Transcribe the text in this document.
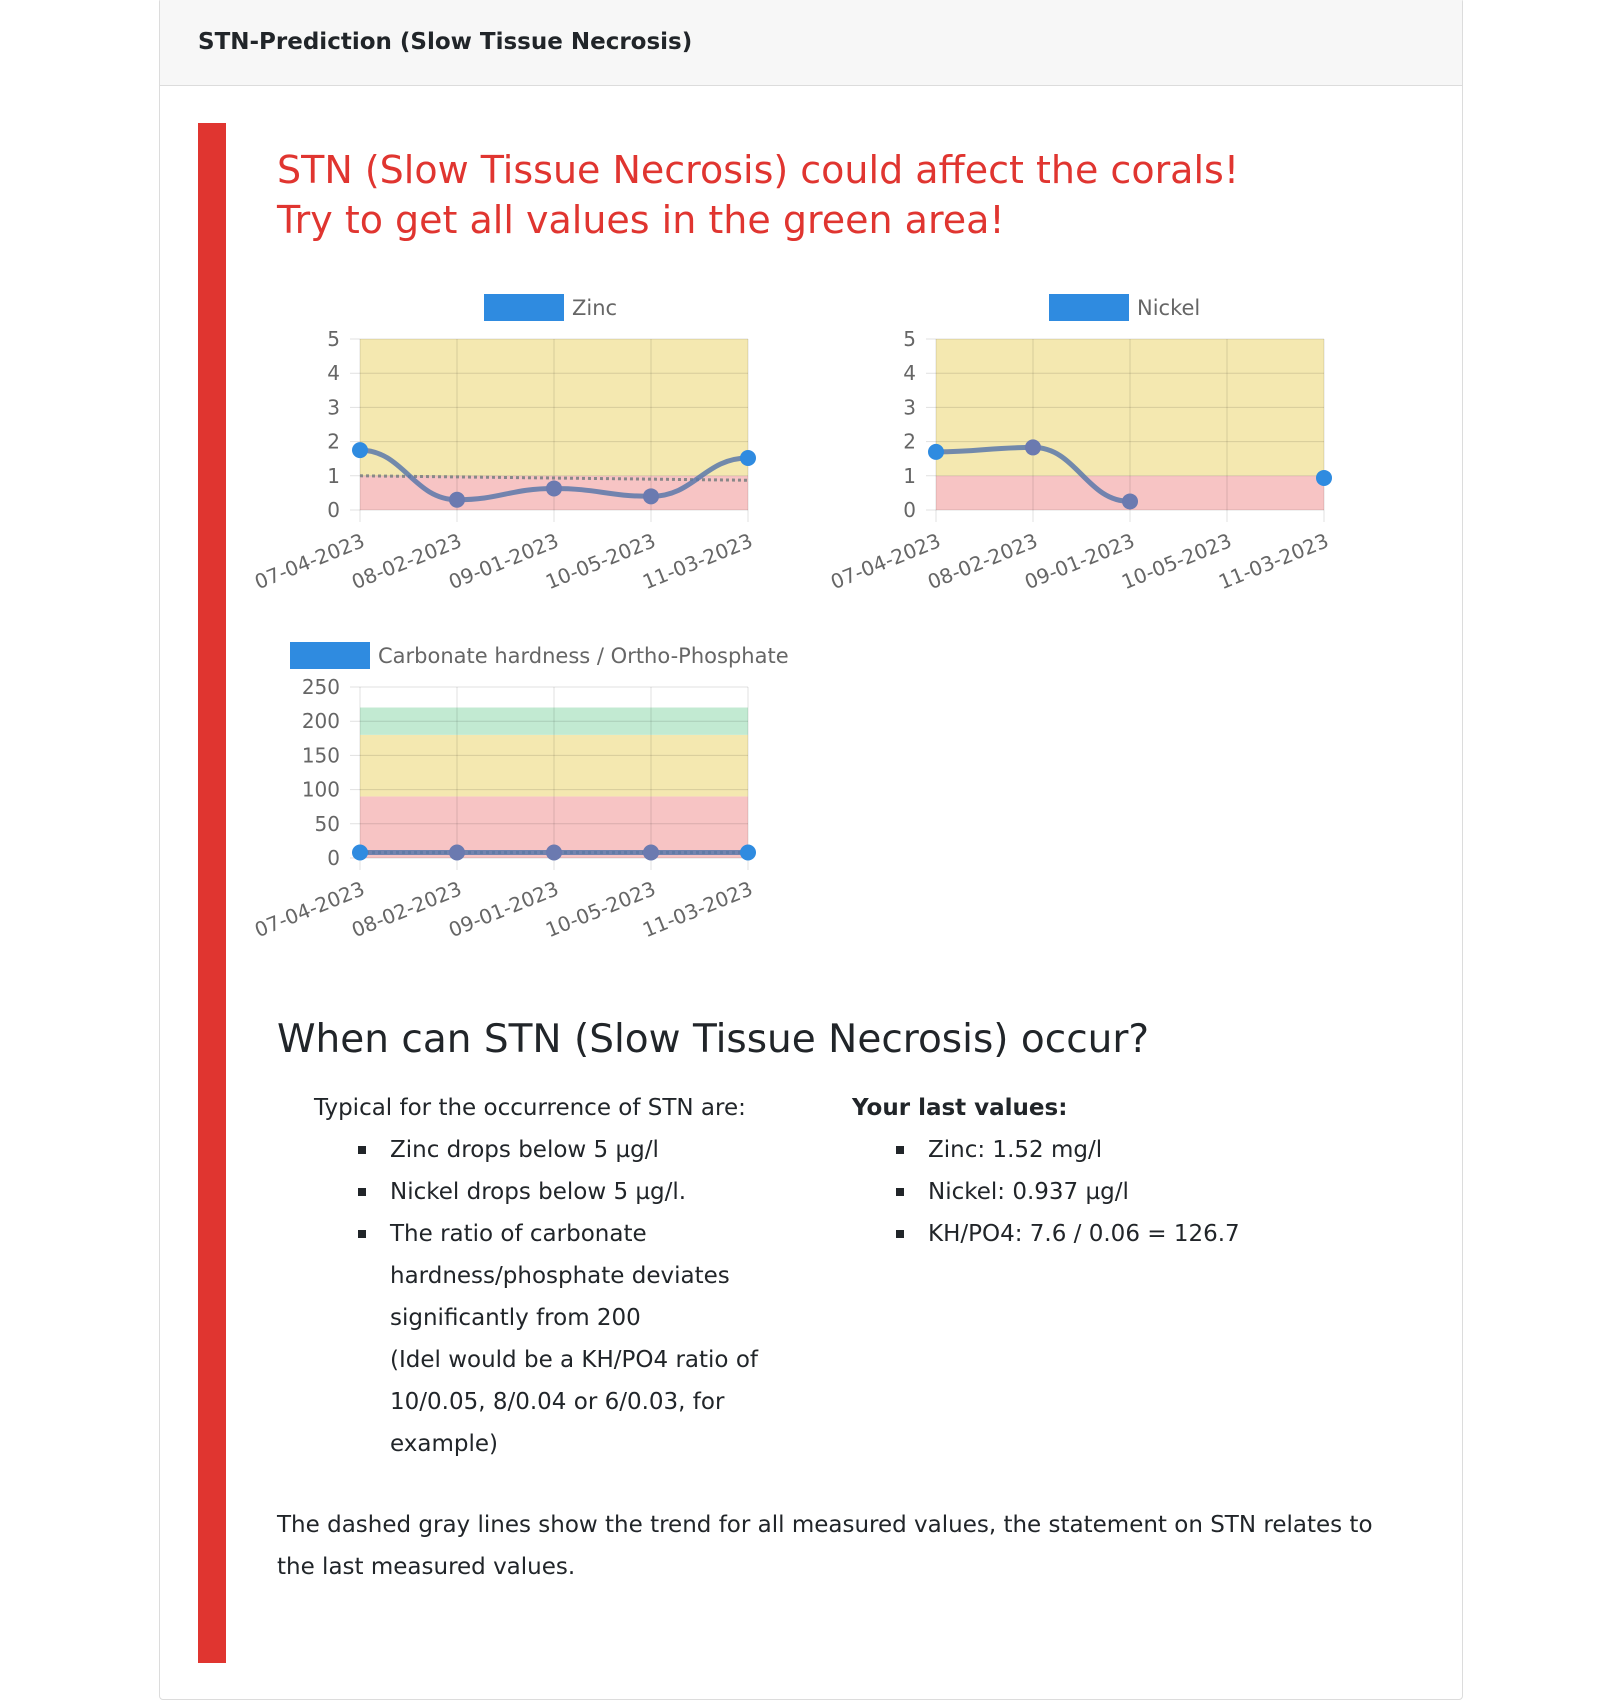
STN-Prediction (Slow Tissue Necrosis)
STN (Slow Tissue Necrosis) could affect the corals!
Try to get all values in the green area!
Zinc
0
1
2
3
4
5
07-04-2023
08-02-2023
09-01-2023
10-05-2023
11-03-2023
Nickel
0
1
2
3
4
5
07-04-2023
08-02-2023
09-01-2023
10-05-2023
11-03-2023
Carbonate hardness / Ortho-Phosphate
0
50
100
150
200
250
07-04-2023
08-02-2023
09-01-2023
10-05-2023
11-03-2023
When can STN (Slow Tissue Necrosis) occur?
Typical for the occurrence of STN are:
Zinc drops below 5 µg/l
Nickel drops below 5 µg/l.
The ratio of carbonate hardness/phosphate deviates significantly from 200
(Idel would be a KH/PO4 ratio of 10/0.05, 8/0.04 or 6/0.03, for example)
Your last values:
Zinc: 1.52 mg/l
Nickel: 0.937 µg/l
KH/PO4: 7.6 / 0.06 = 126.7
The dashed gray lines show the trend for all measured values, the statement on STN relates to the last measured values.
